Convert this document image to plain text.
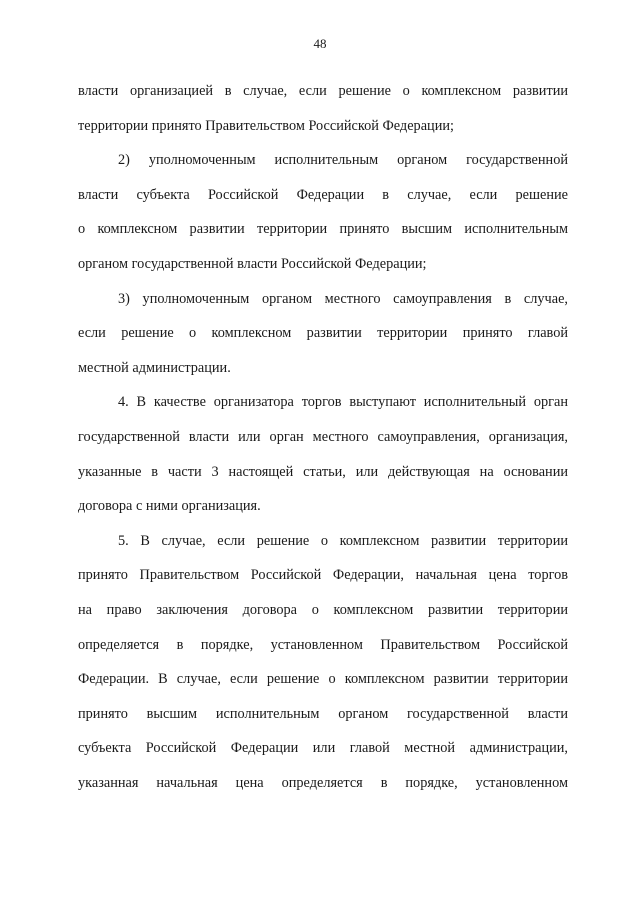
48

власти организацией в случае, если решение о комплексном развитии
территории принято Правительством Российской Федерации;

2) уполномоченным исполнительным органом государственной
власти субъекта Российской Федерации в случае, если решение
о комплексном развитии территории принято высшим исполнительным
органом государственной власти Российской Федерации;

3) уполномоченным органом местного самоуправления в случае,
если решение о комплексном развитии территории принято главой
местной администрации.

4. В качестве организатора торгов выступают исполнительный орган
государственной власти или орган местного самоуправления, организация,
указанные в части 3 настоящей статьи, или действующая на основании
договора с ними организация.

5. В случае, если решение о комплексном развитии территории
принято Правительством Российской Федерации, начальная цена торгов
на право заключения договора о комплексном развитии территории
определяется в порядке, установленном Правительством Российской
Федерации. В случае, если решение о комплексном развитии территории
принято высшим исполнительным органом государственной власти
субъекта Российской Федерации или главой местной администрации,
указанная начальная цена определяется в порядке, установленном
